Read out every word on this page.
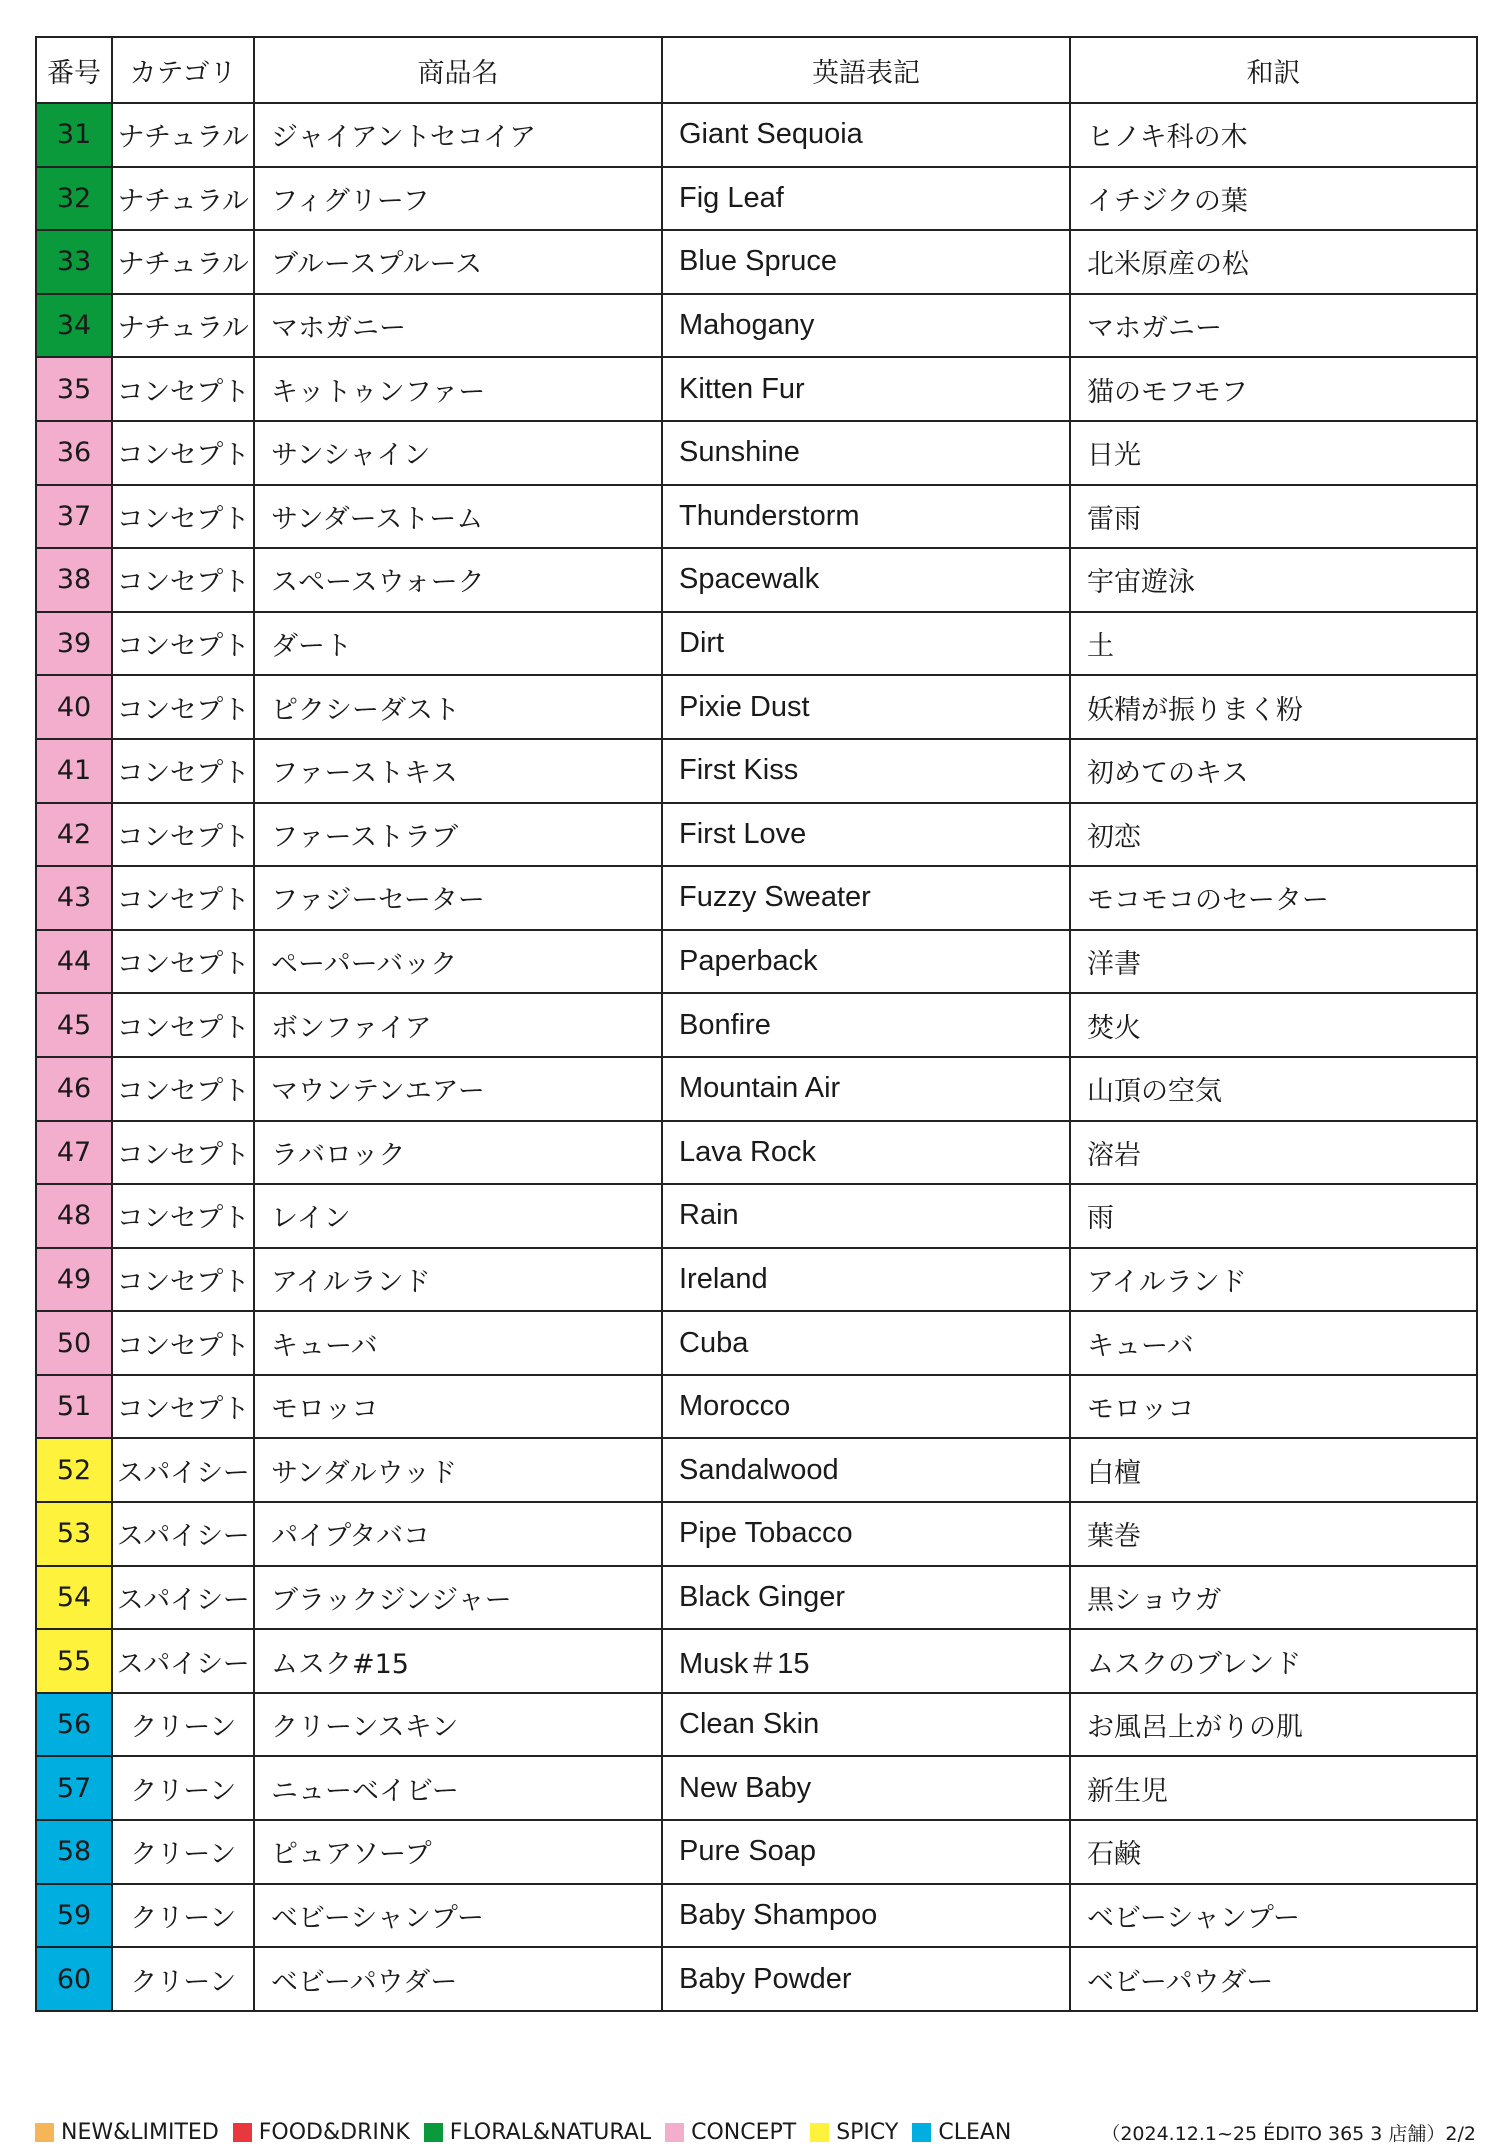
番号	カテゴリ	商品名	英語表記	和訳
31	ナチュラル	ジャイアントセコイア	Giant Sequoia	ヒノキ科の木
32	ナチュラル	フィグリーフ	Fig Leaf	イチジクの葉
33	ナチュラル	ブルースプルース	Blue Spruce	北米原産の松
34	ナチュラル	マホガニー	Mahogany	マホガニー
35	コンセプト	キットゥンファー	Kitten Fur	猫のモフモフ
36	コンセプト	サンシャイン	Sunshine	日光
37	コンセプト	サンダーストーム	Thunderstorm	雷雨
38	コンセプト	スペースウォーク	Spacewalk	宇宙遊泳
39	コンセプト	ダート	Dirt	土
40	コンセプト	ピクシーダスト	Pixie Dust	妖精が振りまく粉
41	コンセプト	ファーストキス	First Kiss	初めてのキス
42	コンセプト	ファーストラブ	First Love	初恋
43	コンセプト	ファジーセーター	Fuzzy Sweater	モコモコのセーター
44	コンセプト	ペーパーバック	Paperback	洋書
45	コンセプト	ボンファイア	Bonfire	焚火
46	コンセプト	マウンテンエアー	Mountain Air	山頂の空気
47	コンセプト	ラバロック	Lava Rock	溶岩
48	コンセプト	レイン	Rain	雨
49	コンセプト	アイルランド	Ireland	アイルランド
50	コンセプト	キューバ	Cuba	キューバ
51	コンセプト	モロッコ	Morocco	モロッコ
52	スパイシー	サンダルウッド	Sandalwood	白檀
53	スパイシー	パイプタバコ	Pipe Tobacco	葉巻
54	スパイシー	ブラックジンジャー	Black Ginger	黒ショウガ
55	スパイシー	ムスク#15	Musk＃15	ムスクのブレンド
56	クリーン	クリーンスキン	Clean Skin	お風呂上がりの肌
57	クリーン	ニューベイビー	New Baby	新生児
58	クリーン	ピュアソープ	Pure Soap	石鹸
59	クリーン	ベビーシャンプー	Baby Shampoo	ベビーシャンプー
60	クリーン	ベビーパウダー	Baby Powder	ベビーパウダー
NEW&LIMITED FOOD&DRINK FLORAL&NATURAL CONCEPT SPICY CLEAN	（2024.12.1~25 ÉDITO 365 3 店舗）2/2
